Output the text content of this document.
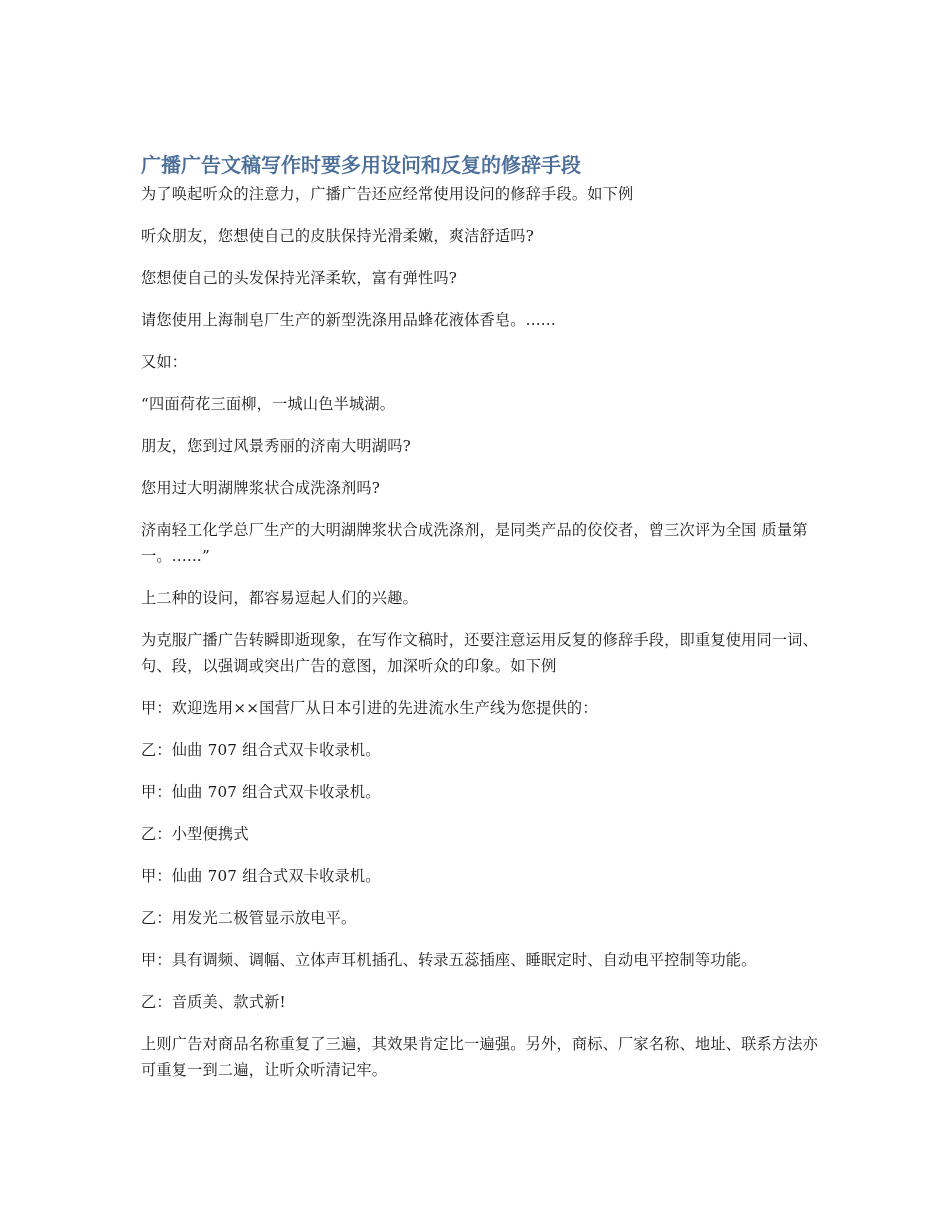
广播广告文稿写作时要多用设问和反复的修辞手段

为了唤起听众的注意力，广播广告还应经常使用设问的修辞手段。如下例

听众朋友，您想使自己的皮肤保持光滑柔嫩，爽洁舒适吗?

您想使自己的头发保持光泽柔软，富有弹性吗?

请您使用上海制皂厂生产的新型洗涤用品蜂花液体香皂。......

又如：

“四面荷花三面柳，一城山色半城湖。

朋友，您到过风景秀丽的济南大明湖吗?

您用过大明湖牌浆状合成洗涤剂吗?

济南轻工化学总厂生产的大明湖牌浆状合成洗涤剂，是同类产品的佼佼者，曾三次评为全国 质量第一。......”

上二种的设问，都容易逗起人们的兴趣。

为克服广播广告转瞬即逝现象，在写作文稿时，还要注意运用反复的修辞手段，即重复使用同一词、句、段，以强调或突出广告的意图，加深听众的印象。如下例

甲：欢迎选用××国营厂从日本引进的先进流水生产线为您提供的：

乙：仙曲 707 组合式双卡收录机。

甲：仙曲 707 组合式双卡收录机。

乙：小型便携式

甲：仙曲 707 组合式双卡收录机。

乙：用发光二极管显示放电平。

甲：具有调频、调幅、立体声耳机插孔、转录五蕊插座、睡眠定时、自动电平控制等功能。

乙：音质美、款式新!

上则广告对商品名称重复了三遍，其效果肯定比一遍强。另外，商标、厂家名称、地址、联系方法亦可重复一到二遍，让听众听清记牢。
